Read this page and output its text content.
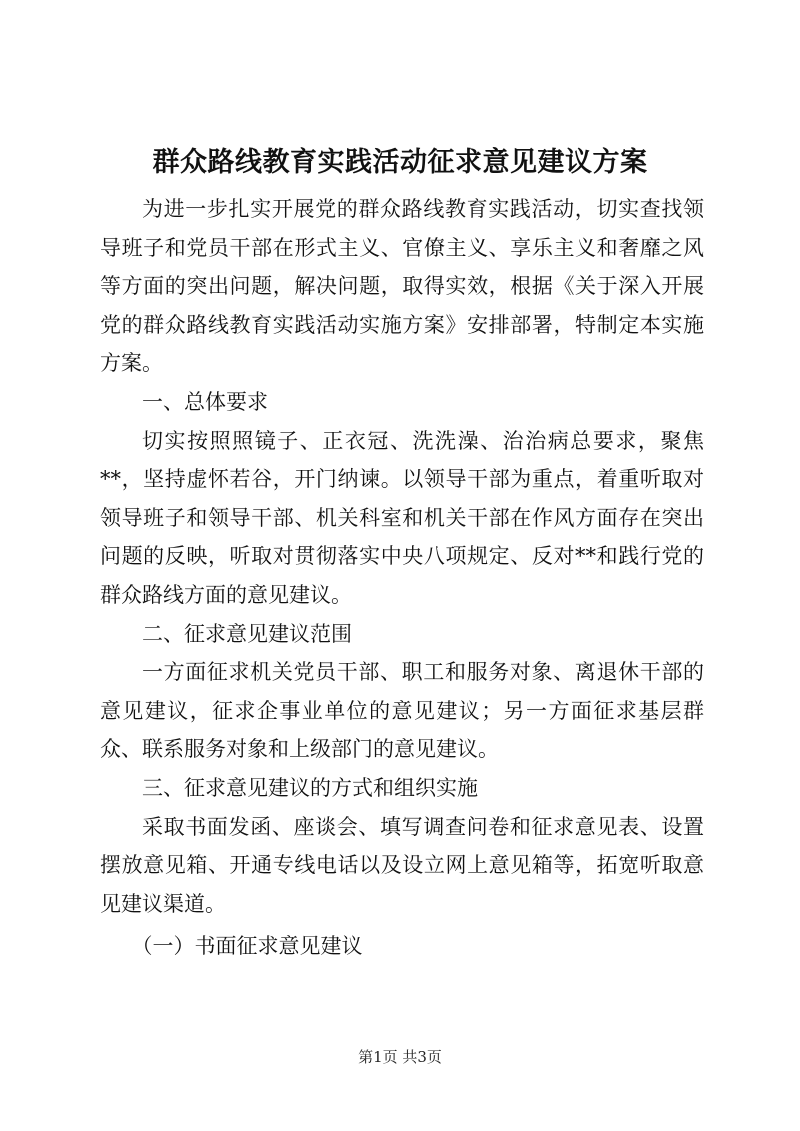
群众路线教育实践活动征求意见建议方案

为进一步扎实开展党的群众路线教育实践活动，切实查找领导班子和党员干部在形式主义、官僚主义、享乐主义和奢靡之风等方面的突出问题，解决问题，取得实效，根据《关于深入开展党的群众路线教育实践活动实施方案》安排部署，特制定本实施方案。

一、总体要求

切实按照照镜子、正衣冠、洗洗澡、治治病总要求，聚焦**，坚持虚怀若谷，开门纳谏。以领导干部为重点，着重听取对领导班子和领导干部、机关科室和机关干部在作风方面存在突出问题的反映，听取对贯彻落实中央八项规定、反对**和践行党的群众路线方面的意见建议。

二、征求意见建议范围

一方面征求机关党员干部、职工和服务对象、离退休干部的意见建议，征求企事业单位的意见建议；另一方面征求基层群众、联系服务对象和上级部门的意见建议。

三、征求意见建议的方式和组织实施

采取书面发函、座谈会、填写调查问卷和征求意见表、设置摆放意见箱、开通专线电话以及设立网上意见箱等，拓宽听取意见建议渠道。

（一）书面征求意见建议

第1页 共3页
